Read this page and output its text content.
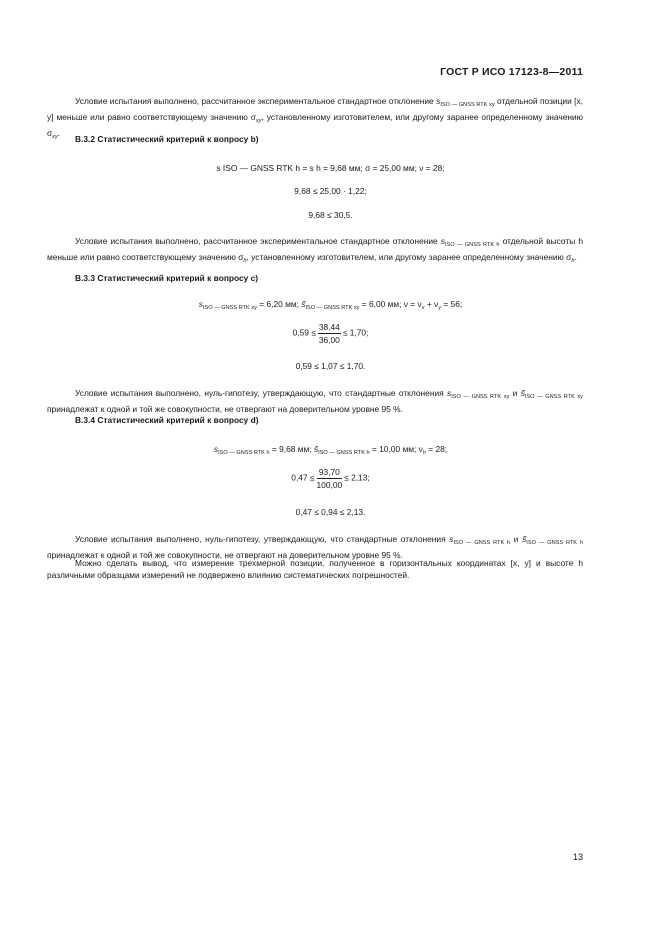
ГОСТ Р ИСО 17123-8—2011
Условие испытания выполнено, рассчитанное экспериментальное стандартное отклонение $s_{ISO — GNSS RTK xy}$ отдельной позиции [x, y] меньше или равно соответствующему значению $\sigma_{xy}$, установленному изготовителем, или другому заранее определенному значению $\sigma_{xy}$.
B.3.2 Статистический критерий к вопросу b)
s ISO — GNSS RTK h = s h = 9,68 мм; σ = 25,00 мм; ν = 28;
9,68 ≤ 25,00 · 1,22;
9,68 ≤ 30,5.
Условие испытания выполнено, рассчитанное экспериментальное стандартное отклонение $s_{ISO — GNSS RTK h}$ отдельной высоты h меньше или равно соответствующему значению $\sigma_h$, установленному изготовителем, или другому заранее определенному значению $\sigma_h$.
B.3.3 Статистический критерий к вопросу c)
$s_{ISO — GNSS RTK xy} = 6,20$ мм; $s̃_{ISO — GNSS RTK xy} = 6,00$ мм; $\nu = \nu_x + \nu_y = 56$;
$0,59 \le \frac{38,44}{36,00} \le 1,70$;
0,59 ≤ 1,07 ≤ 1,70.
Условие испытания выполнено, нуль-гипотезу, утверждающую, что стандартные отклонения $s_{ISO — GNSS RTK xy}$ и $s̃_{ISO — GNSS RTK xy}$ принадлежат к одной и той же совокупности, не отвергают на доверительном уровне 95 %.
B.3.4 Статистический критерий к вопросу d)
$s_{ISO — GNSS RTK h} = 9,68$ мм; $s̃_{ISO — GNSS RTK h} = 10,00$ мм; $\nu_h = 28$;
$0,47 \le \frac{93,70}{100,00} \le 2,13$;
0,47 ≤ 0,94 ≤ 2,13.
Условие испытания выполнено, нуль-гипотезу, утверждающую, что стандартные отклонения $s_{ISO — GNSS RTK h}$ и $s̃_{ISO — GNSS RTK h}$ принадлежат к одной и той же совокупности, не отвергают на доверительном уровне 95 %.
Можно сделать вывод, что измерение трехмерной позиции, полученное в горизонтальных координатах [x, y] и высоте h различными образцами измерений не подвержено влиянию систематических погрешностей.
13
